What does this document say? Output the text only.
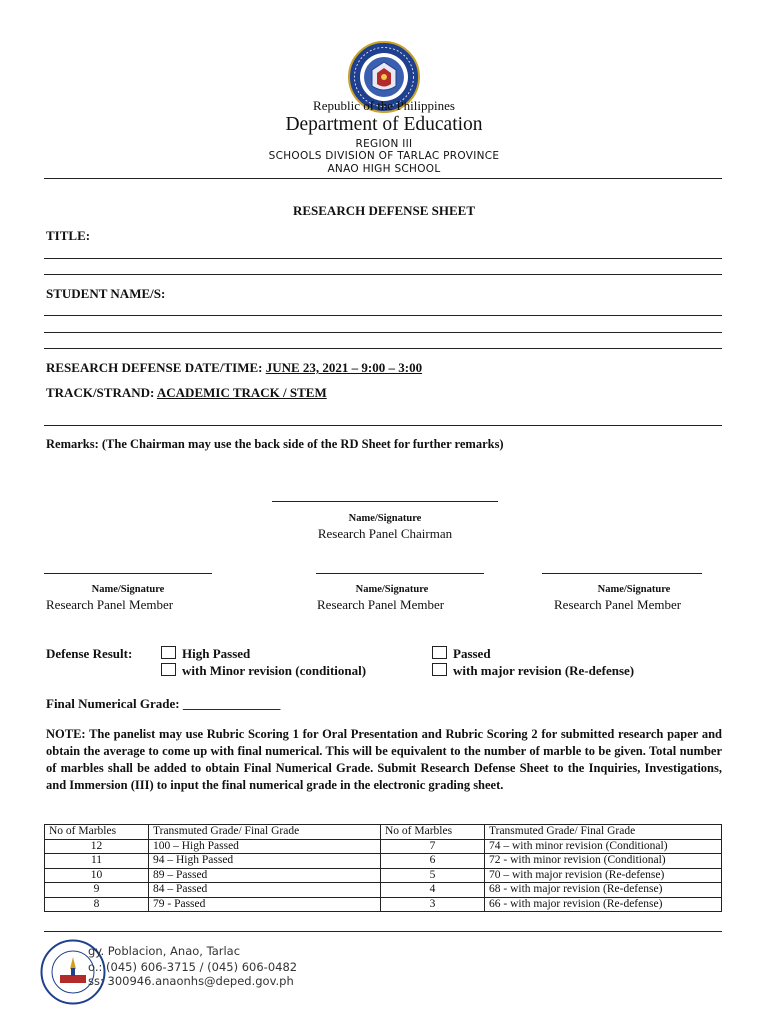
Republic of the Philippines
Department of Education
REGION III
SCHOOLS DIVISION OF TARLAC PROVINCE
ANAO HIGH SCHOOL
RESEARCH DEFENSE SHEET
TITLE:
STUDENT NAME/S:
RESEARCH DEFENSE DATE/TIME: JUNE 23, 2021 – 9:00 – 3:00
TRACK/STRAND: ACADEMIC TRACK / STEM
Remarks: (The Chairman may use the back side of the RD Sheet for further remarks)
Name/Signature
Research Panel Chairman
Name/Signature
Research Panel Member
Name/Signature
Research Panel Member
Name/Signature
Research Panel Member
Defense Result:	High Passed	Passed
with Minor revision (conditional)	with major revision (Re-defense)
Final Numerical Grade: _______________
NOTE: The panelist may use Rubric Scoring 1 for Oral Presentation and Rubric Scoring 2 for submitted research paper and obtain the average to come up with final numerical. This will be equivalent to the number of marble to be given. Total number of marbles shall be added to obtain Final Numerical Grade. Submit Research Defense Sheet to the Inquiries, Investigations, and Immersion (III) to input the final numerical grade in the electronic grading sheet.
No of Marbles	Transmuted Grade/ Final Grade	No of Marbles	Transmuted Grade/ Final Grade
12	100 – High Passed	7	74 – with minor revision (Conditional)
11	94 – High Passed	6	72 - with minor revision (Conditional)
10	89 – Passed	5	70 – with major revision (Re-defense)
9	84 – Passed	4	68 - with major revision (Re-defense)
8	79 - Passed	3	66 - with major revision (Re-defense)
gy. Poblacion, Anao, Tarlac
o.: (045) 606-3715 / (045) 606-0482
ss: 300946.anaonhs@deped.gov.ph
